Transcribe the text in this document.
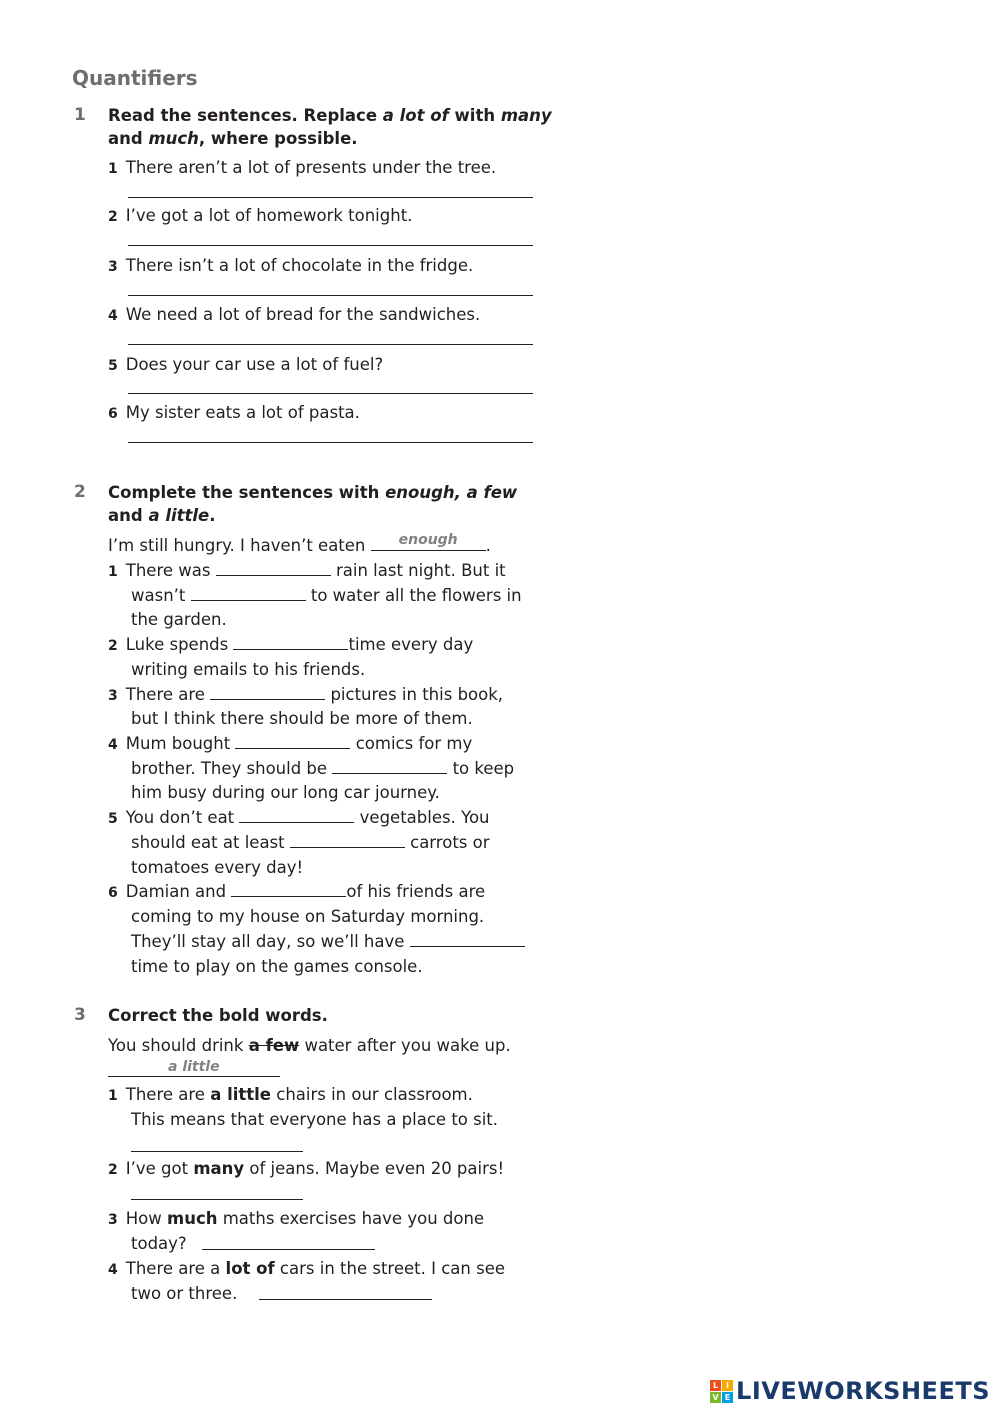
Quantifiers
1 Read the sentences. Replace a lot of with many
and much, where possible.
1 There aren’t a lot of presents under the tree.
2 I’ve got a lot of homework tonight.
3 There isn’t a lot of chocolate in the fridge.
4 We need a lot of bread for the sandwiches.
5 Does your car use a lot of fuel?
6 My sister eats a lot of pasta.
2 Complete the sentences with enough, a few
and a little.
I’m still hungry. I haven’t eaten	enough	.
1 There was	rain last night. But it
wasn’t	to water all the flowers in
the garden.
2 Luke spends	time every day
writing emails to his friends.
3 There are	pictures in this book,
but I think there should be more of them.
4 Mum bought	comics for my
brother. They should be	to keep
him busy during our long car journey.
5 You don’t eat	vegetables. You
should eat at least	carrots or
tomatoes every day!
6 Damian and	of his friends are
coming to my house on Saturday morning.
They’ll stay all day, so we’ll have
time to play on the games console.
3 Correct the bold words.
You should drink a few water after you wake up.
a little
1 There are a little chairs in our classroom.
This means that everyone has a place to sit.
2 I’ve got many of jeans. Maybe even 20 pairs!
3 How much maths exercises have you done
today?
4 There are a lot of cars in the street. I can see
two or three.
L I
V E LIVEWORKSHEETS
